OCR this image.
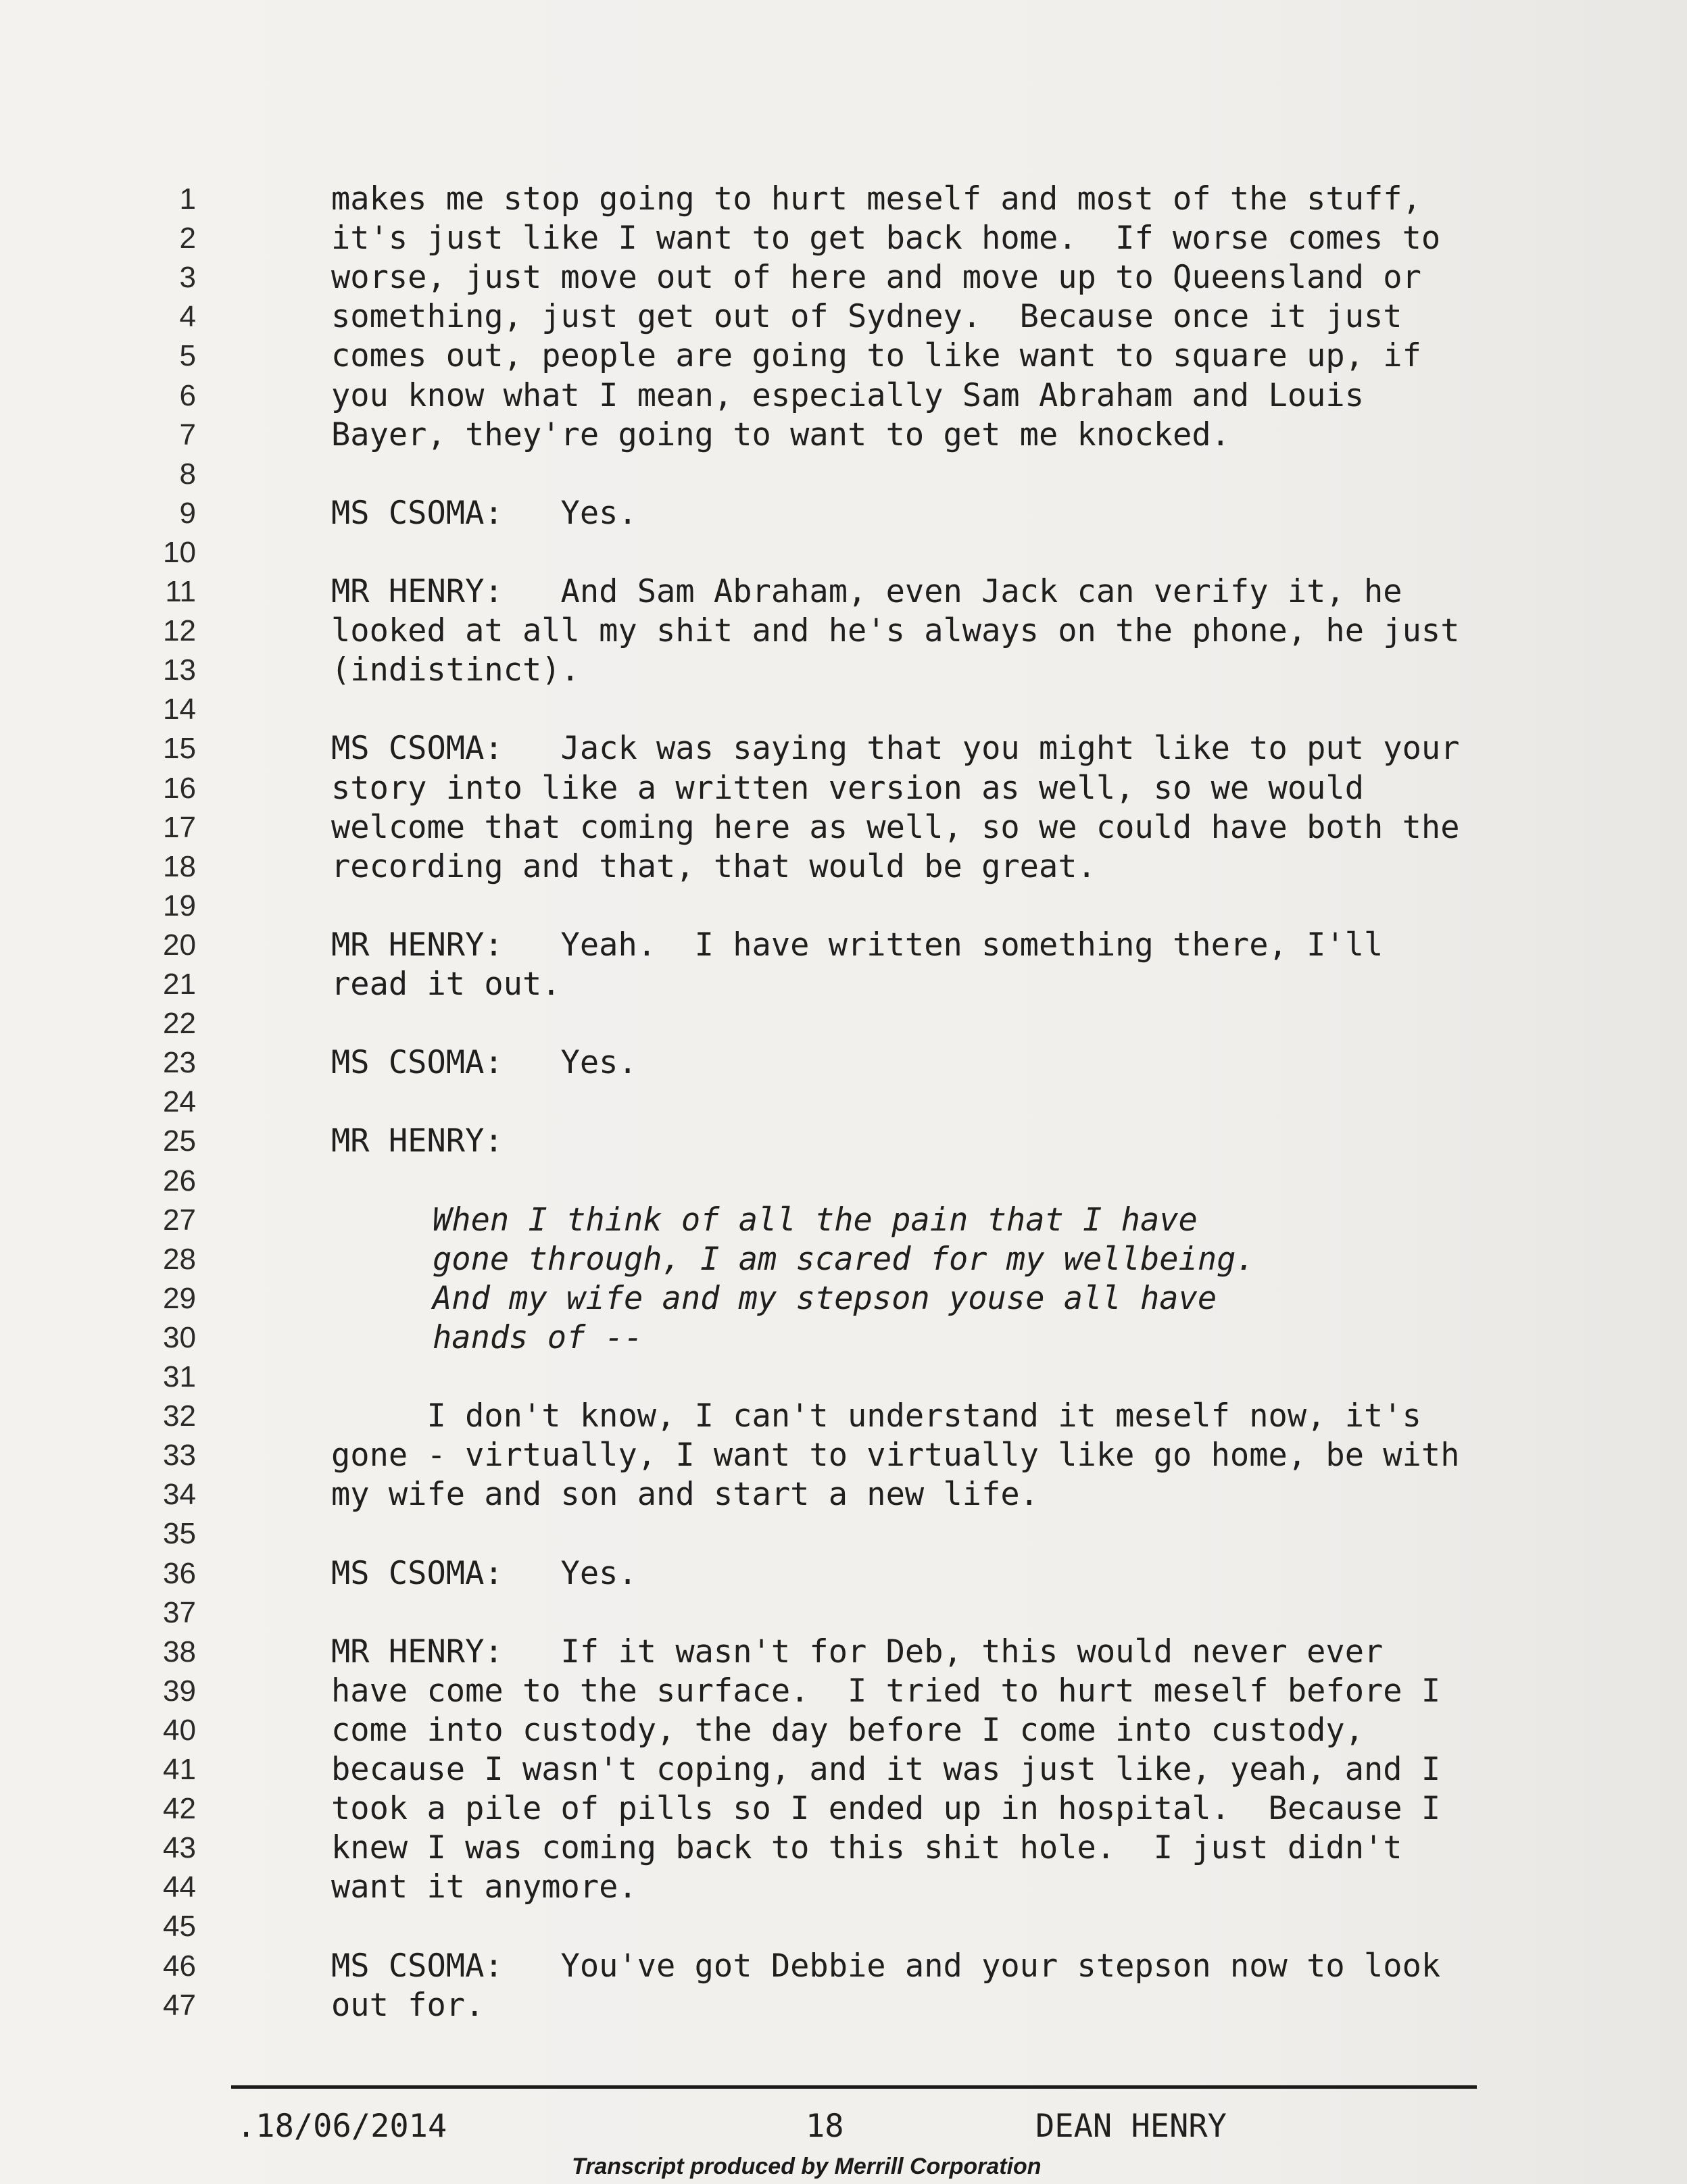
1	makes me stop going to hurt meself and most of the stuff,
2	it's just like I want to get back home.  If worse comes to
3	worse, just move out of here and move up to Queensland or
4	something, just get out of Sydney.  Because once it just
5	comes out, people are going to like want to square up, if
6	you know what I mean, especially Sam Abraham and Louis
7	Bayer, they're going to want to get me knocked.
8
9	MS CSOMA:   Yes.
10
11	MR HENRY:   And Sam Abraham, even Jack can verify it, he
12	looked at all my shit and he's always on the phone, he just
13	(indistinct).
14
15	MS CSOMA:   Jack was saying that you might like to put your
16	story into like a written version as well, so we would
17	welcome that coming here as well, so we could have both the
18	recording and that, that would be great.
19
20	MR HENRY:   Yeah.  I have written something there, I'll
21	read it out.
22
23	MS CSOMA:   Yes.
24
25	MR HENRY:
26
27	When I think of all the pain that I have
28	gone through, I am scared for my wellbeing.
29	And my wife and my stepson youse all have
30	hands of --
31
32	I don't know, I can't understand it meself now, it's
33	gone - virtually, I want to virtually like go home, be with
34	my wife and son and start a new life.
35
36	MS CSOMA:   Yes.
37
38	MR HENRY:   If it wasn't for Deb, this would never ever
39	have come to the surface.  I tried to hurt meself before I
40	come into custody, the day before I come into custody,
41	because I wasn't coping, and it was just like, yeah, and I
42	took a pile of pills so I ended up in hospital.  Because I
43	knew I was coming back to this shit hole.  I just didn't
44	want it anymore.
45
46	MS CSOMA:   You've got Debbie and your stepson now to look
47	out for.
.18/06/2014	18	DEAN HENRY
Transcript produced by Merrill Corporation
